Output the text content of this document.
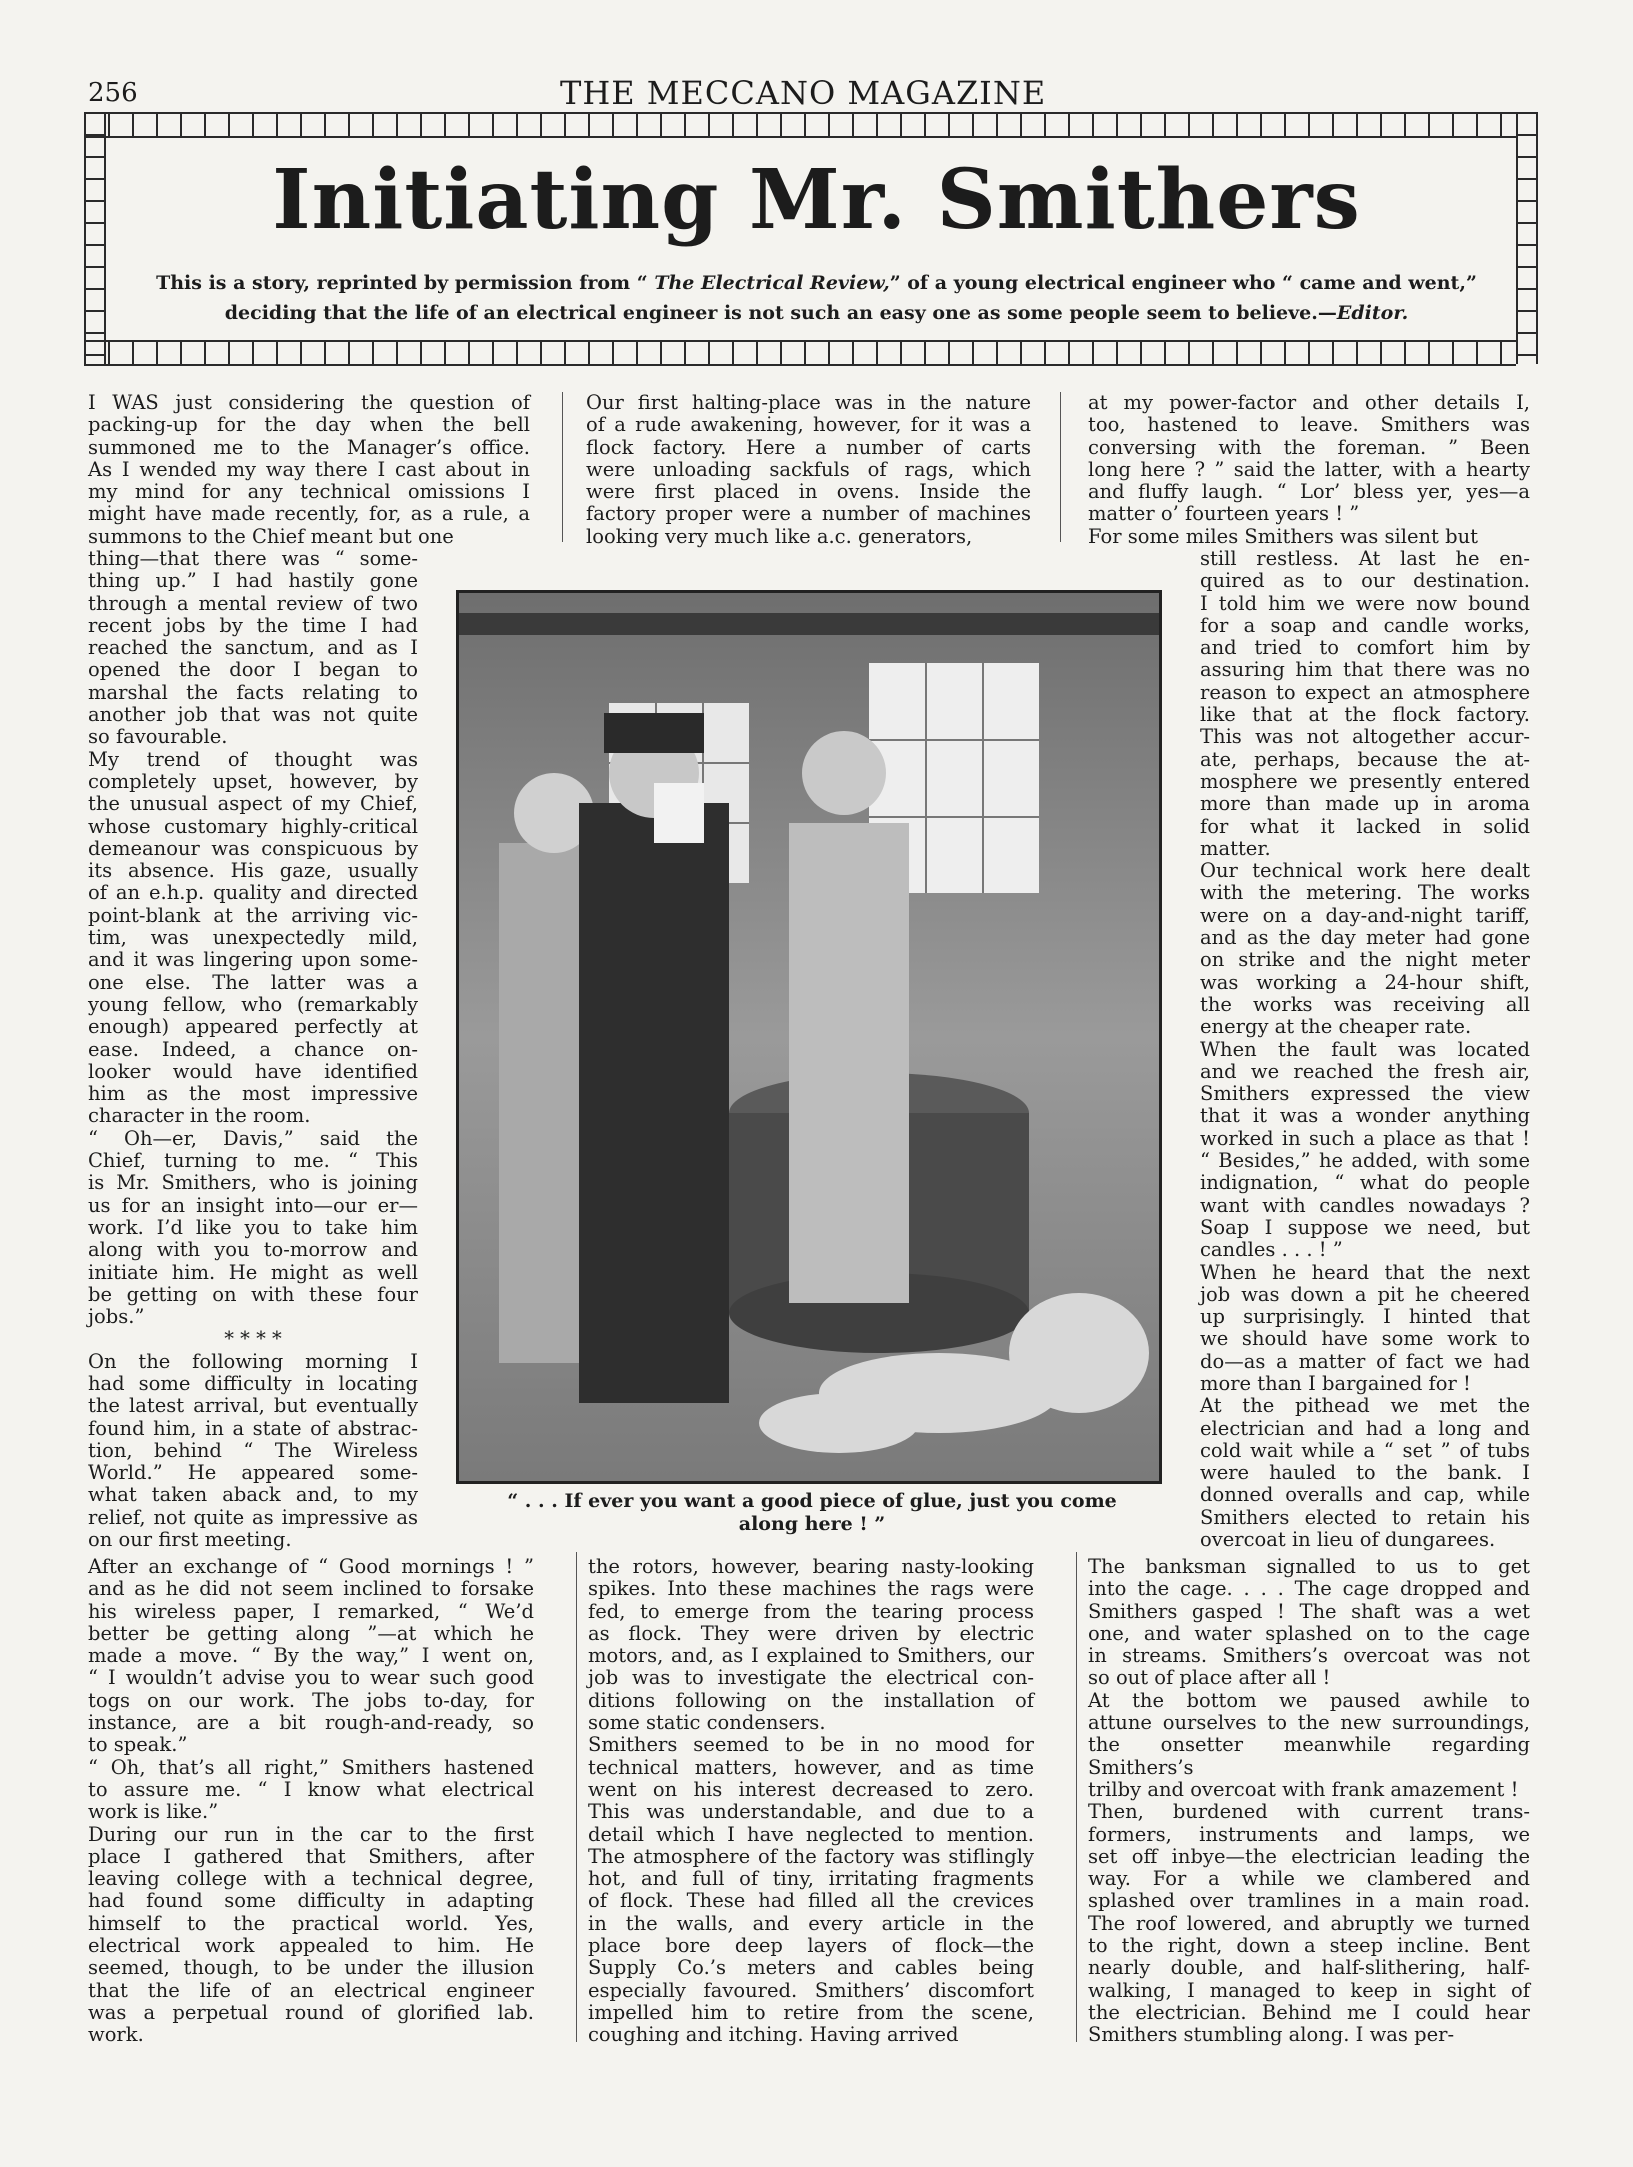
256	THE MECCANO MAGAZINE
Initiating Mr. Smithers
This is a story, reprinted by permission from “ The Electrical Review,” of a young electrical engineer who “ came and went,”
deciding that the life of an electrical engineer is not such an easy one as some people seem to believe.—Editor.
I WAS just considering the question of
packing-up for the day when the bell
summoned me to the Manager’s office.
As I wended my way there I cast about in
my mind for any technical omissions I
might have made recently, for, as a rule, a
summons to the Chief meant but one
thing—that there was “ some-
thing up.” I had hastily gone
through a mental review of two
recent jobs by the time I had
reached the sanctum, and as I
opened the door I began to
marshal the facts relating to
another job that was not quite
so favourable.
My trend of thought was
completely upset, however, by
the unusual aspect of my Chief,
whose customary highly-critical
demeanour was conspicuous by
its absence. His gaze, usually
of an e.h.p. quality and directed
point-blank at the arriving vic-
tim, was unexpectedly mild,
and it was lingering upon some-
one else. The latter was a
young fellow, who (remarkably
enough) appeared perfectly at
ease. Indeed, a chance on-
looker would have identified
him as the most impressive
character in the room.
“ Oh—er, Davis,” said the
Chief, turning to me. “ This
is Mr. Smithers, who is joining
us for an insight into—our er—
work. I’d like you to take him
along with you to-morrow and
initiate him. He might as well
be getting on with these four
jobs.”
* * * *
On the following morning I
had some difficulty in locating
the latest arrival, but eventually
found him, in a state of abstrac-
tion, behind “ The Wireless
World.” He appeared some-
what taken aback and, to my
relief, not quite as impressive as
on our first meeting.
After an exchange of “ Good mornings ! ”
and as he did not seem inclined to forsake
his wireless paper, I remarked, “ We’d
better be getting along ”—at which he
made a move. “ By the way,” I went on,
“ I wouldn’t advise you to wear such good
togs on our work. The jobs to-day, for
instance, are a bit rough-and-ready, so
to speak.”
“ Oh, that’s all right,” Smithers hastened
to assure me. “ I know what electrical
work is like.”
During our run in the car to the first
place I gathered that Smithers, after
leaving college with a technical degree,
had found some difficulty in adapting
himself to the practical world. Yes,
electrical work appealed to him. He
seemed, though, to be under the illusion
that the life of an electrical engineer
was a perpetual round of glorified lab.
work.
Our first halting-place was in the nature
of a rude awakening, however, for it was a
flock factory. Here a number of carts
were unloading sackfuls of rags, which
were first placed in ovens. Inside the
factory proper were a number of machines
looking very much like a.c. generators,
the rotors, however, bearing nasty-looking
spikes. Into these machines the rags were
fed, to emerge from the tearing process
as flock. They were driven by electric
motors, and, as I explained to Smithers, our
job was to investigate the electrical con-
ditions following on the installation of
some static condensers.
Smithers seemed to be in no mood for
technical matters, however, and as time
went on his interest decreased to zero.
This was understandable, and due to a
detail which I have neglected to mention.
The atmosphere of the factory was stiflingly
hot, and full of tiny, irritating fragments
of flock. These had filled all the crevices
in the walls, and every article in the
place bore deep layers of flock—the
Supply Co.’s meters and cables being
especially favoured. Smithers’ discomfort
impelled him to retire from the scene,
coughing and itching. Having arrived
at my power-factor and other details I,
too, hastened to leave. Smithers was
conversing with the foreman. ” Been
long here ? ” said the latter, with a hearty
and fluffy laugh. “ Lor’ bless yer, yes—a
matter o’ fourteen years ! ”
For some miles Smithers was silent but
still restless. At last he en-
quired as to our destination.
I told him we were now bound
for a soap and candle works,
and tried to comfort him by
assuring him that there was no
reason to expect an atmosphere
like that at the flock factory.
This was not altogether accur-
ate, perhaps, because the at-
mosphere we presently entered
more than made up in aroma
for what it lacked in solid
matter.
Our technical work here dealt
with the metering. The works
were on a day-and-night tariff,
and as the day meter had gone
on strike and the night meter
was working a 24-hour shift,
the works was receiving all
energy at the cheaper rate.
When the fault was located
and we reached the fresh air,
Smithers expressed the view
that it was a wonder anything
worked in such a place as that !
“ Besides,” he added, with some
indignation, “ what do people
want with candles nowadays ?
Soap I suppose we need, but
candles . . . ! ”
When he heard that the next
job was down a pit he cheered
up surprisingly. I hinted that
we should have some work to
do—as a matter of fact we had
more than I bargained for !
At the pithead we met the
electrician and had a long and
cold wait while a “ set ” of tubs
were hauled to the bank. I
donned overalls and cap, while
Smithers elected to retain his
overcoat in lieu of dungarees.
The banksman signalled to us to get
into the cage. . . . The cage dropped and
Smithers gasped ! The shaft was a wet
one, and water splashed on to the cage
in streams. Smithers’s overcoat was not
so out of place after all !
At the bottom we paused awhile to
attune ourselves to the new surroundings,
the onsetter meanwhile regarding Smithers’s
trilby and overcoat with frank amazement !
Then, burdened with current trans-
formers, instruments and lamps, we
set off inbye—the electrician leading the
way. For a while we clambered and
splashed over tramlines in a main road.
The roof lowered, and abruptly we turned
to the right, down a steep incline. Bent
nearly double, and half-slithering, half-
walking, I managed to keep in sight of
the electrician. Behind me I could hear
Smithers stumbling along. I was per-
“ . . . If ever you want a good piece of glue, just you come
along here ! ”
